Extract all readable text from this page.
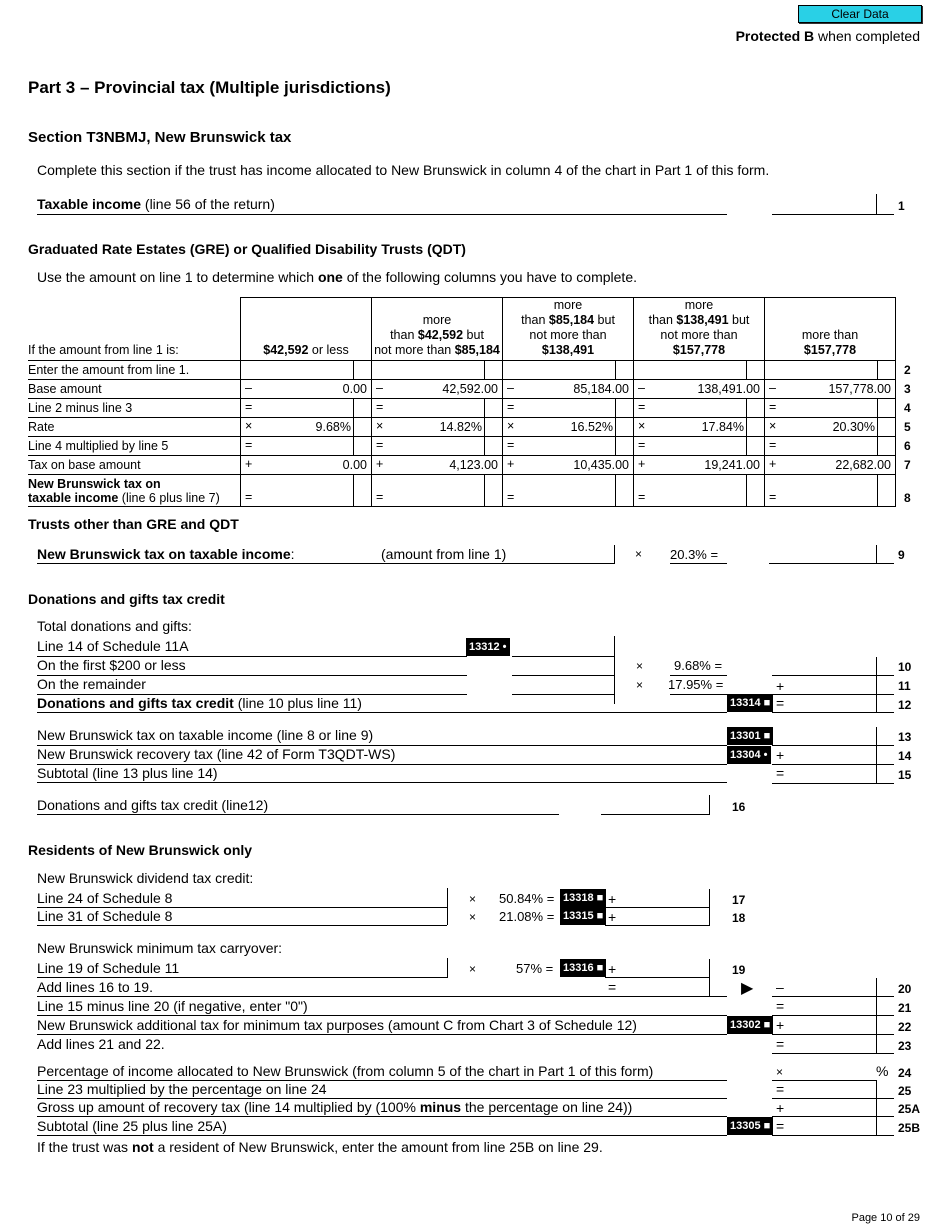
Clear Data
Protected B when completed
Part 3 – Provincial tax (Multiple jurisdictions)
Section T3NBMJ, New Brunswick tax
Complete this section if the trust has income allocated to New Brunswick in column 4 of the chart in Part 1 of this form.
Taxable income (line 56 of the return)	1
Graduated Rate Estates (GRE) or Qualified Disability Trusts (QDT)
Use the amount on line 1 to determine which one of the following columns you have to complete.
If the amount from line 1 is:	$42,592 or less	more
than $42,592 but
not more than $85,184	more
than $85,184 but
not more than
$138,491	more
than $138,491 but
not more than
$157,778	more than
$157,778	
Enter the amount from line 1.						2
Base amount	– 0.00	– 42,592.00	– 85,184.00	– 138,491.00	– 157,778.00	3
Line 2 minus line 3	=	=	=	=	=	4
Rate	× 9.68%	× 14.82%	× 16.52%	× 17.84%	× 20.30%	5
Line 4 multiplied by line 5	=	=	=	=	=	6
Tax on base amount	+ 0.00	+ 4,123.00	+ 10,435.00	+ 19,241.00	+ 22,682.00	7
New Brunswick tax on
taxable income (line 6 plus line 7)	=	=	=	=	=	8
Trusts other than GRE and QDT
New Brunswick tax on taxable income:	(amount from line 1)	× 20.3% =	9
Donations and gifts tax credit
Total donations and gifts:
Line 14 of Schedule 11A	13312 •
On the first $200 or less	× 9.68% =	10
On the remainder	× 17.95% =	+	11
Donations and gifts tax credit (line 10 plus line 11)	13314 ■ =	12
New Brunswick tax on taxable income (line 8 or line 9)	13301 ■	13
New Brunswick recovery tax (line 42 of Form T3QDT-WS)	13304 • +	14
Subtotal (line 13 plus line 14)	=	15
Donations and gifts tax credit (line12)	16
Residents of New Brunswick only
New Brunswick dividend tax credit:
Line 24 of Schedule 8	× 50.84% = 13318 ■ +	17
Line 31 of Schedule 8	× 21.08% = 13315 ■ +	18
New Brunswick minimum tax carryover:
Line 19 of Schedule 11	×	57% = 13316 ■ +	19
Add lines 16 to 19.	=	▶ –	20
Line 15 minus line 20 (if negative, enter "0")	=	21
New Brunswick additional tax for minimum tax purposes (amount C from Chart 3 of Schedule 12)	13302 ■ +	22
Add lines 21 and 22.	=	23
Percentage of income allocated to New Brunswick (from column 5 of the chart in Part 1 of this form)	×	% 24
Line 23 multiplied by the percentage on line 24	=	25
Gross up amount of recovery tax (line 14 multiplied by (100% minus the percentage on line 24))	+	25A
Subtotal (line 25 plus line 25A)	13305 ■ =	25B
If the trust was not a resident of New Brunswick, enter the amount from line 25B on line 29.
Page 10 of 29
